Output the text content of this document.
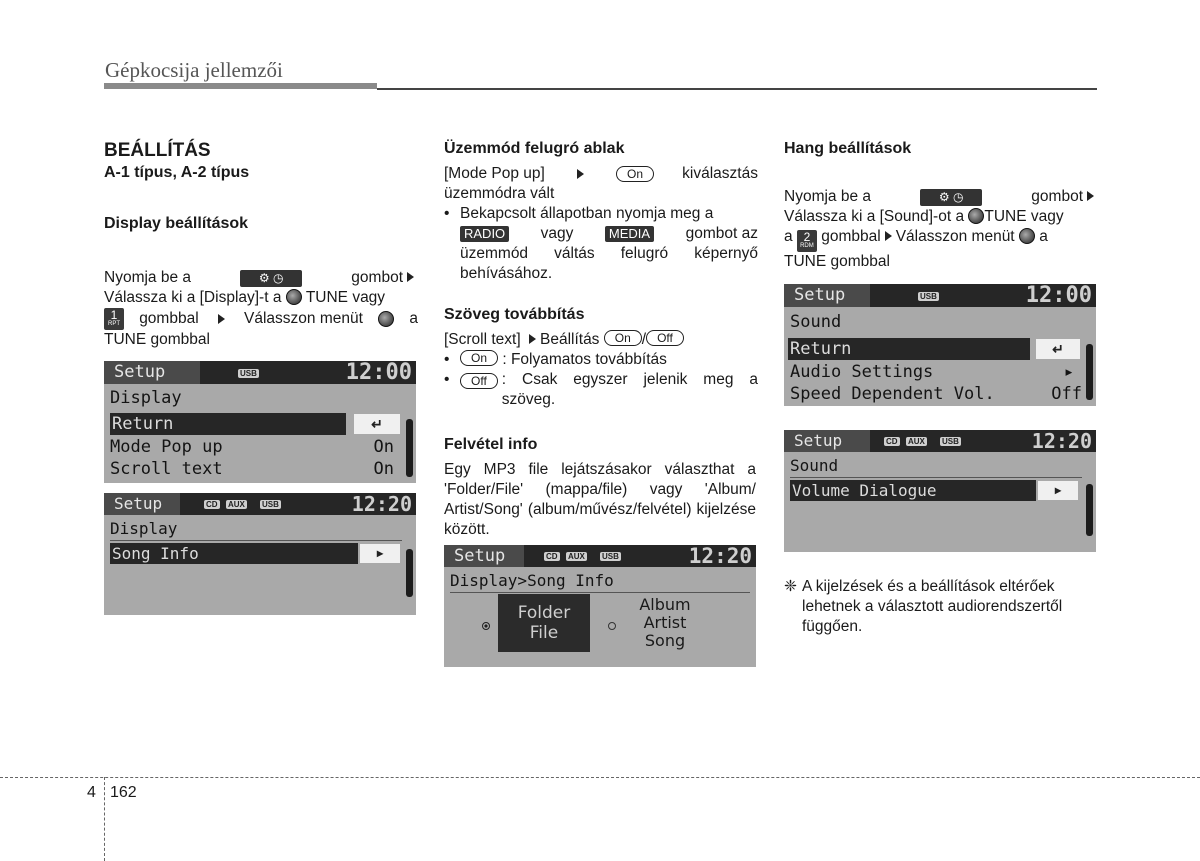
Gépkocsija jellemzői
BEÁLLÍTÁS
A-1 típus, A-2 típus
Display beállítások
Nyomja be a	⚙ ◷	gombot
Válassza ki a [Display]-t a TUNE vagy
1
RPT gombbal	Válasszon menüt	a
TUNE gombbal
Setup	USB	12:00
Display
Return	↵
Mode Pop up	On
Scroll text	On
Setup	CD AUX USB	12:20
Display
Song Info	▸
Üzemmód felugró ablak
[Mode Pop up]	On	kiválasztás
üzemmódra vált
• Bekapcsolt állapotban nyomja meg a
RADIO vagy	MEDIA gombot az
üzemmód váltás felugró képernyő
behívásához.
Szöveg továbbítás
[Scroll text] Beállítás On / Off
• On : Folyamatos továbbítás
•	Off : Csak egyszer jelenik meg a
szöveg.
Felvétel info
Egy MP3 file lejátszásakor választhat a 'Folder/File' (mappa/file) vagy 'Album/ Artist/Song' (album/művész/felvétel) kijelzése között.
Setup	CD AUX USB	12:20
Display>Song Info
Folder
File
Album
Artist
Song
Hang beállítások
Nyomja be a	⚙ ◷	gombot
Válassza ki a [Sound]-ot a TUNE vagy
a 2
RDM
gombbal Válasszon menüt a
TUNE gombbal
Setup	USB	12:00
Sound
Return	↵
Audio Settings	▸
Speed Dependent Vol.	Off
Setup	CD AUX USB	12:20
Sound
Volume Dialogue	▸
❈ A kijelzések és a beállítások eltérőek lehetnek a választott audiorendszertől függően.
4 162
